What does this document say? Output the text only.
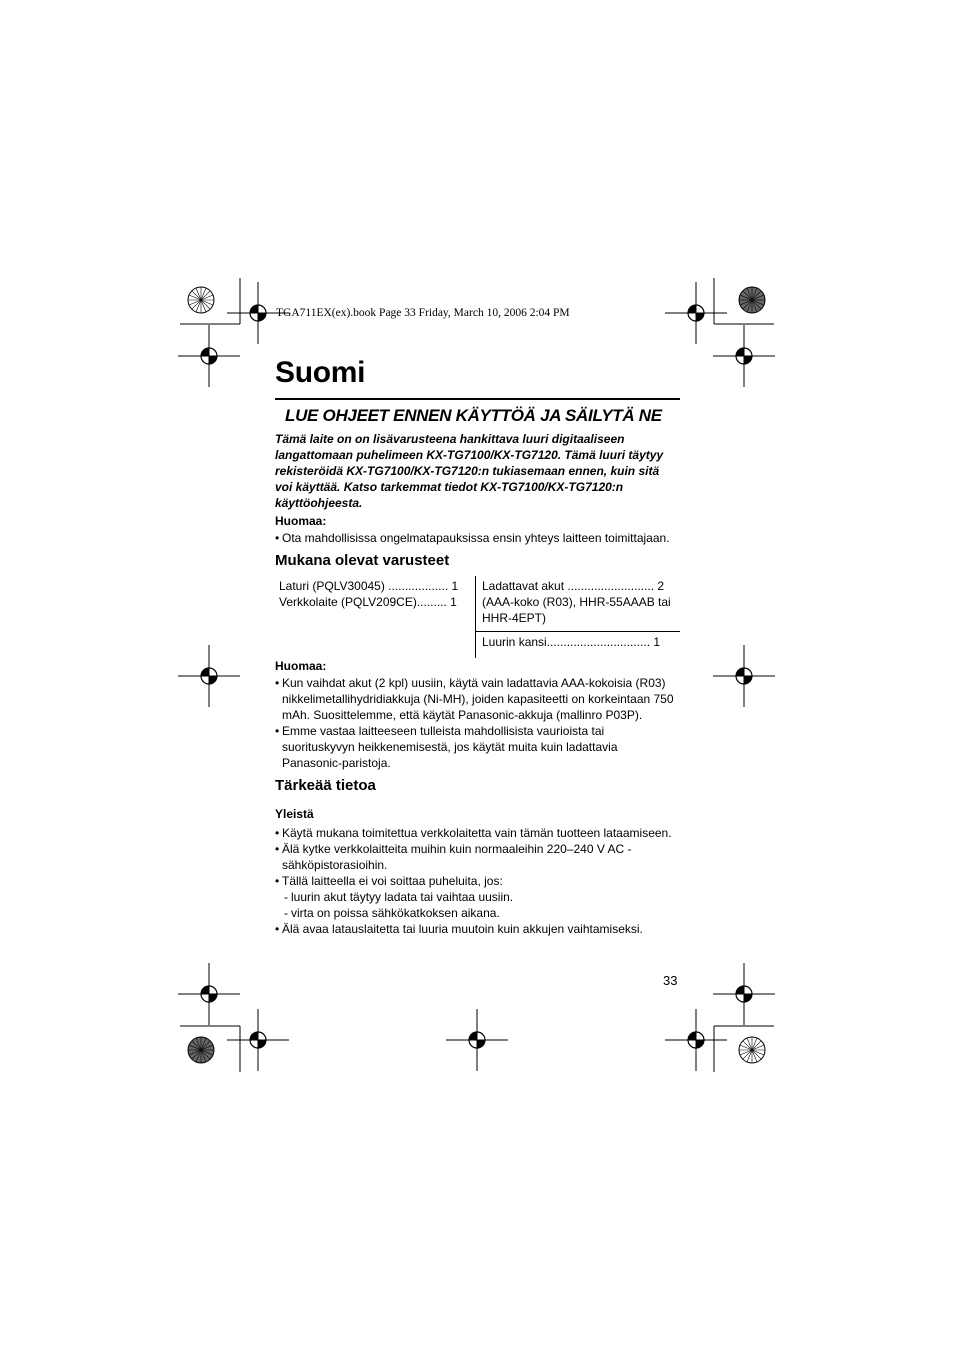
TGA711EX(ex).book Page 33 Friday, March 10, 2006 2:04 PM
Suomi
LUE OHJEET ENNEN KÄYTTÖÄ JA SÄILYTÄ NE
Tämä laite on on lisävarusteena hankittava luuri digitaaliseen
langattomaan puhelimeen KX-TG7100/KX-TG7120. Tämä luuri täytyy
rekisteröidä KX-TG7100/KX-TG7120:n tukiasemaan ennen, kuin sitä
voi käyttää. Katso tarkemmat tiedot KX-TG7100/KX-TG7120:n
käyttöohjeesta.
Huomaa:
• Ota mahdollisissa ongelmatapauksissa ensin yhteys laitteen toimittajaan.
Mukana olevat varusteet
Laturi (PQLV30045) .................. 1
Verkkolaite (PQLV209CE)......... 1
Ladattavat akut .......................... 2
(AAA-koko (R03), HHR-55AAAB tai
HHR-4EPT)
Luurin kansi............................... 1
Huomaa:
• Kun vaihdat akut (2 kpl) uusiin, käytä vain ladattavia AAA-kokoisia (R03)
nikkelimetallihydridiakkuja (Ni-MH), joiden kapasiteetti on korkeintaan 750
mAh. Suosittelemme, että käytät Panasonic-akkuja (mallinro P03P).
• Emme vastaa laitteeseen tulleista mahdollisista vaurioista tai
suorituskyvyn heikkenemisestä, jos käytät muita kuin ladattavia
Panasonic-paristoja.
Tärkeää tietoa
Yleistä
• Käytä mukana toimitettua verkkolaitetta vain tämän tuotteen lataamiseen.
• Älä kytke verkkolaitteita muihin kuin normaaleihin 220–240 V AC -
sähköpistorasioihin.
• Tällä laitteella ei voi soittaa puheluita, jos:
- luurin akut täytyy ladata tai vaihtaa uusiin.
- virta on poissa sähkökatkoksen aikana.
• Älä avaa latauslaitetta tai luuria muutoin kuin akkujen vaihtamiseksi.
33
